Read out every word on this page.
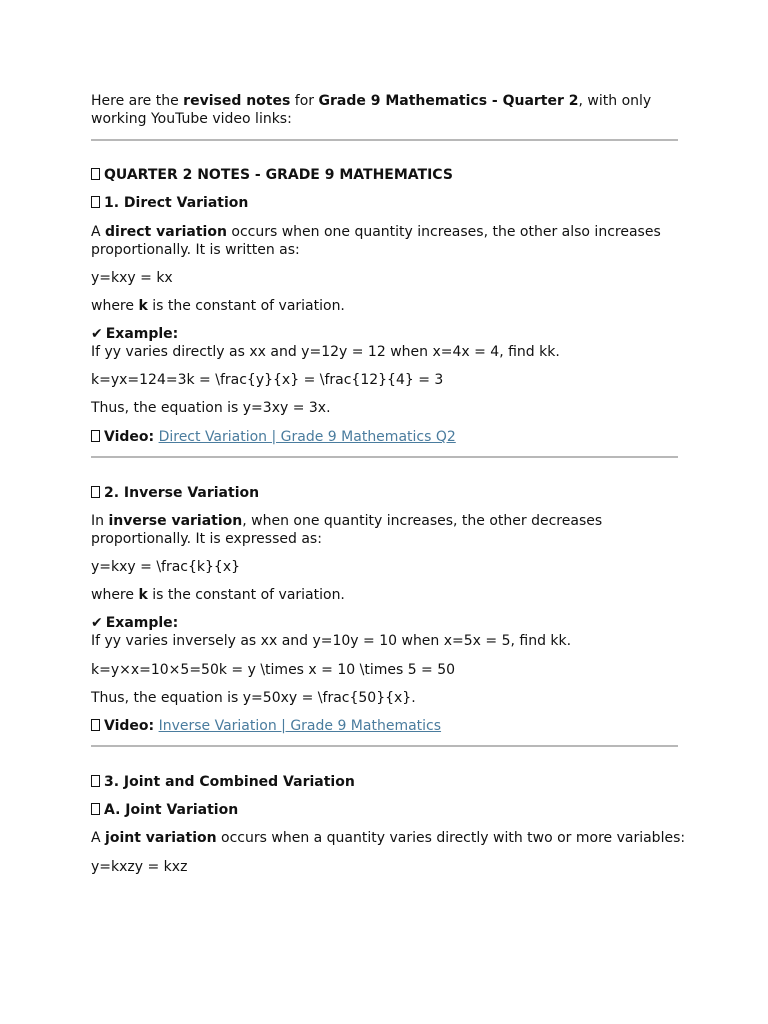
Here are the revised notes for Grade 9 Mathematics - Quarter 2, with only
working YouTube video links:
QUARTER 2 NOTES - GRADE 9 MATHEMATICS
1. Direct Variation
A direct variation occurs when one quantity increases, the other also increases
proportionally. It is written as:
y=kxy = kx
where k is the constant of variation.
✔ Example:
If yy varies directly as xx and y=12y = 12 when x=4x = 4, find kk.
k=yx=124=3k = \frac{y}{x} = \frac{12}{4} = 3
Thus, the equation is y=3xy = 3x.
Video: Direct Variation | Grade 9 Mathematics Q2
2. Inverse Variation
In inverse variation, when one quantity increases, the other decreases
proportionally. It is expressed as:
y=kxy = \frac{k}{x}
where k is the constant of variation.
✔ Example:
If yy varies inversely as xx and y=10y = 10 when x=5x = 5, find kk.
k=y×x=10×5=50k = y \times x = 10 \times 5 = 50
Thus, the equation is y=50xy = \frac{50}{x}.
Video: Inverse Variation | Grade 9 Mathematics
3. Joint and Combined Variation
A. Joint Variation
A joint variation occurs when a quantity varies directly with two or more variables:
y=kxzy = kxz
